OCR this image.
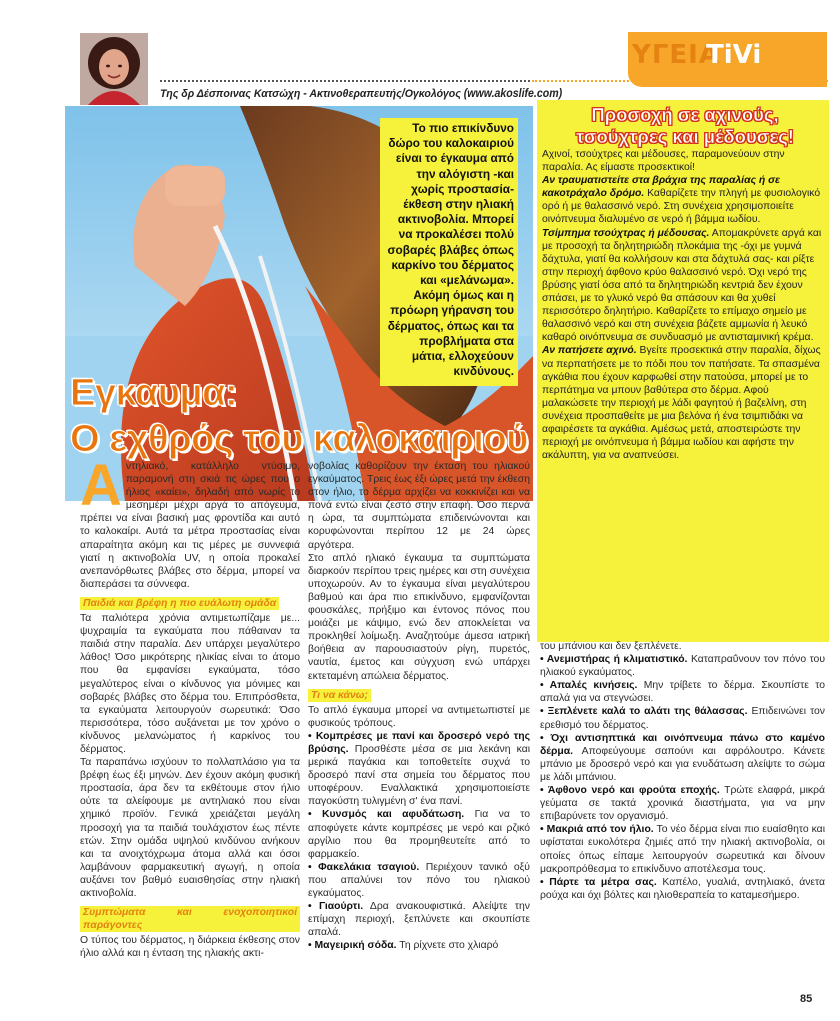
ΥΓΕΙΑ
TiVi
Της δρ Δέσποινας Κατσώχη - Ακτινοθεραπευτής/Ογκολόγος (www.akoslife.com)
Το πιο επικίνδυνο δώρο του καλοκαιριού είναι το έγκαυμα από την αλόγιστη -και χωρίς προστασία- έκθεση στην ηλιακή ακτινοβολία. Μπορεί να προκαλέσει πολύ σοβαρές βλάβες όπως καρκίνο του δέρματος και «μελάνωμα». Ακόμη όμως και η πρόωρη γήρανση του δέρματος, όπως και τα προβλήματα στα μάτια, ελλοχεύουν κινδύνους.
Εγκαυμα:
Ο εχθρός του καλοκαιριού

Αντηλιακό, κατάλληλο ντύσιμο, παραμονή στη σκιά τις ώρες που ο ήλιος «καίει», δηλαδή από νωρίς το μεσημέρι μέχρι αργά το απόγευμα, πρέπει να είναι βασική μας φροντίδα και αυτό το καλοκαίρι. Αυτά τα μέτρα προστασίας είναι απαραίτητα ακόμη και τις μέρες με συννεφιά γιατί η ακτινοβολία UV, η οποία προκαλεί ανεπανόρθωτες βλάβες στο δέρμα, μπορεί να διαπεράσει τα σύννεφα.

Παιδιά και βρέφη η πιο ευάλωτη ομάδα

Τα παλιότερα χρόνια αντιμετωπίζαμε με... ψυχραιμία τα εγκαύματα που πάθαιναν τα παιδιά στην παραλία. Δεν υπάρχει μεγαλύτερο λάθος! Όσο μικρότερης ηλικίας είναι το άτομο που θα εμφανίσει εγκαύματα, τόσο μεγαλύτερος είναι ο κίνδυνος για μόνιμες και σοβαρές βλάβες στο δέρμα του. Επιπρόσθετα, τα εγκαύματα λειτουργούν σωρευτικά: Όσο περισσότερα, τόσο αυξάνεται με τον χρόνο ο κίνδυνος μελανώματος ή καρκίνος του δέρματος.

Τα παραπάνω ισχύουν το πολλαπλάσιο για τα βρέφη έως έξι μηνών. Δεν έχουν ακόμη φυσική προστασία, άρα δεν τα εκθέτουμε στον ήλιο ούτε τα αλείφουμε με αντηλιακό που είναι χημικό προϊόν. Γενικά χρειάζεται μεγάλη προσοχή για τα παιδιά τουλάχιστον έως πέντε ετών. Στην ομάδα υψηλού κινδύνου ανήκουν και τα ανοιχτόχρωμα άτομα αλλά και όσοι λαμβάνουν φαρμακευτική αγωγή, η οποία αυξάνει τον βαθμό ευαισθησίας στην ηλιακή ακτινοβολία.

Συμπτώματα και ενοχοποιητικοί παράγοντες

Ο τύπος του δέρματος, η διάρκεια έκθεσης στον ήλιο αλλά και η ένταση της ηλιακής ακτι-

νοβολίας καθορίζουν την έκταση του ηλιακού εγκαύματος. Τρεις έως έξι ώρες μετά την έκθεση στον ήλιο, το δέρμα αρχίζει να κοκκινίζει και να πονά εντώ είναι ζεστό στην επαφή. Όσο περνά η ώρα, τα συμπτώματα επιδεινώνονται και κορυφώνονται περίπου 12 με 24 ώρες αργότερα.

Στο απλό ηλιακό έγκαυμα τα συμπτώματα διαρκούν περίπου τρεις ημέρες και στη συνέχεια υποχωρούν. Αν το έγκαυμα είναι μεγαλύτερου βαθμού και άρα πιο επικίνδυνο, εμφανίζονται φουσκάλες, πρήξιμο και έντονος πόνος που μοιάζει με κάψιμο, ενώ δεν αποκλείεται να προκληθεί λοίμωξη. Αναζητούμε άμεσα ιατρική βοήθεια αν παρουσιαστούν ρίγη, πυρετός, ναυτία, έμετος και σύγχυση ενώ υπάρχει εκτεταμένη απώλεια δέρματος.

Τι να κάνω;

Το απλό έγκαυμα μπορεί να αντιμετωπιστεί με φυσικούς τρόπους.

• Κομπρέσες με πανί και δροσερό νερό της βρύσης. Προσθέστε μέσα σε μια λεκάνη και μερικά παγάκια και τοποθετείτε συχνά το δροσερό πανί στα σημεία του δέρματος που υποφέρουν. Εναλλακτικά χρησιμοποιείστε παγοκύστη τυλιγμένη σ' ένα πανί.

• Κυνσμός και αφυδάτωση. Για να το αποφύγετε κάντε κομπρέσες με νερό και ρζικό αργίλιο που θα προμηθευτείτε από το φαρμακείο.

• Φακελάκια τσαγιού. Περιέχουν τανικό οξύ που απαλύνει τον πόνο του ηλιακού εγκαύματος.

• Γιαούρτι. Δρα ανακουφιστικά. Αλείψτε την επίμαχη περιοχή, ξεπλύνετε και σκουπίστε απαλά.

• Μαγειρική σόδα. Τη ρίχνετε στο χλιαρό

Προσοχή σε αχινούς, τσούχτρες και μέδουσες!

Αχινοί, τσούχτρες και μέδουσες, παραμονεύουν στην παραλία. Ας είμαστε προσεκτικοί!

Αν τραυματιστείτε στα βράχια της παραλίας ή σε κακοτράχαλο δρόμο. Καθαρίζετε την πληγή με φυσιολογικό ορό ή με θαλασσινό νερό. Στη συνέχεια χρησιμοποιείτε οινόπνευμα διαλυμένο σε νερό ή βάμμα ιωδίου.

Τσίμπημα τσούχτρας ή μέδουσας. Απομακρύνετε αργά και με προσοχή τα δηλητηριώδη πλοκάμια της -όχι με γυμνά δάχτυλα, γιατί θα κολλήσουν και στα δάχτυλά σας- και ρίξτε στην περιοχή άφθονο κρύο θαλασσινό νερό. Όχι νερό της βρύσης γιατί όσα από τα δηλητηριώδη κεντριά δεν έχουν σπάσει, με το γλυκό νερό θα σπάσουν και θα χυθεί περισσότερο δηλητήριο. Καθαρίζετε το επίμαχο σημείο με θαλασσινό νερό και στη συνέχεια βάζετε αμμωνία ή λευκό καθαρό οινόπνευμα σε συνδυασμό με αντισταμινική κρέμα.

Αν πατήσετε αχινό. Βγείτε προσεκτικά στην παραλία, δίχως να περπατήσετε με το πόδι που τον πατήσατε. Τα σπασμένα αγκάθια που έχουν καρφωθεί στην πατούσα, μπορεί με το περπάτημα να μπουν βαθύτερα στο δέρμα. Αφού μαλακώσετε την περιοχή με λάδι φαγητού ή βαζελίνη, στη συνέχεια προσπαθείτε με μια βελόνα ή ένα τσιμπιδάκι να αφαιρέσετε τα αγκάθια. Αμέσως μετά, αποστειρώστε την περιοχή με οινόπνευμα ή βάμμα ιωδίου και αφήστε την ακάλυπτη, για να αναπνεύσει.

του μπάνιου και δεν ξεπλένετε.

• Ανεμιστήρας ή κλιματιστικό. Καταπραΰνουν τον πόνο του ηλιακού εγκαύματος.

• Απαλές κινήσεις. Μην τρίβετε το δέρμα. Σκουπίστε το απαλά για να στεγνώσει.

• Ξεπλένετε καλά το αλάτι της θάλασσας. Επιδεινώνει τον ερεθισμό του δέρματος.

• Όχι αντισηπτικά και οινόπνευμα πάνω στο καμένο δέρμα. Αποφεύγουμε σαπούνι και αφρόλουτρο. Κάνετε μπάνιο με δροσερό νερό και για ενυδάτωση αλείψτε το σώμα με λάδι μπάνιου.

• Άφθονο νερό και φρούτα εποχής. Τρώτε ελαφρά, μικρά γεύματα σε τακτά χρονικά διαστήματα, για να μην επιβαρύνετε τον οργανισμό.

• Μακριά από τον ήλιο. Το νέο δέρμα είναι πιο ευαίσθητο και υφίσταται ευκολότερα ζημιές από την ηλιακή ακτινοβολία, οι οποίες όπως είπαμε λειτουργούν σωρευτικά και δίνουν μακροπρόθεσμα το επικίνδυνο αποτέλεσμα τους.

• Πάρτε τα μέτρα σας. Καπέλο, γυαλιά, αντηλιακό, άνετα ρούχα και όχι βόλτες και ηλιοθεραπεία το καταμεσήμερο.

85
